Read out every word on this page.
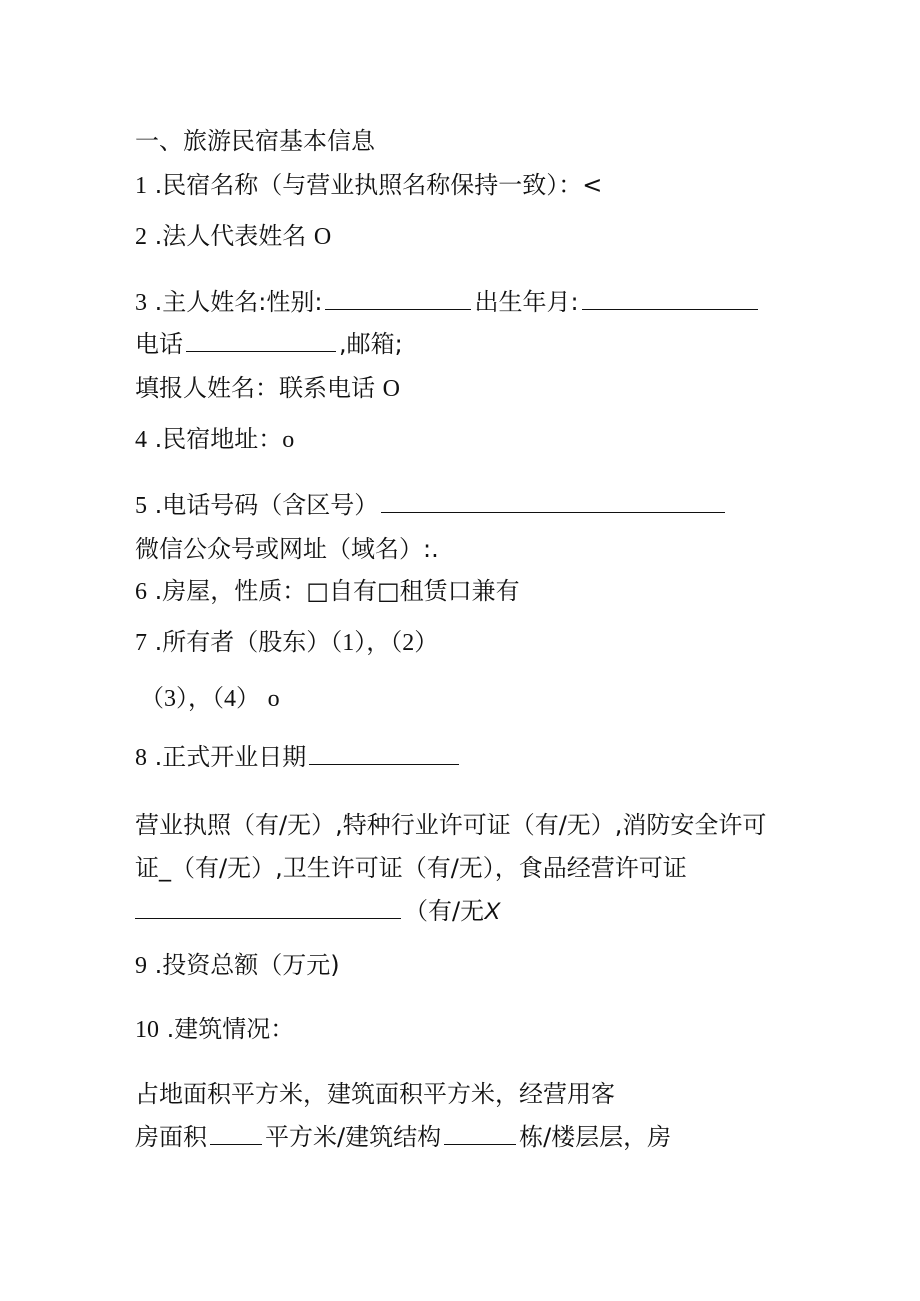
一、旅游民宿基本信息
1 .民宿名称（与营业执照名称保持一致）：<
2 .法人代表姓名 O
3 .主人姓名:性别:	出生年月:
电话	,邮箱;
填报人姓名：联系电话 O
4 .民宿地址：o
5 .电话号码（含区号）
微信公众号或网址（域名）:.
6 .房屋，性质：□自有□租赁口兼有
7 .所有者（股东）（1），（2）
（3），（4） o
8 .正式开业日期
营业执照（有/无）,特种行业许可证（有/无）,消防安全许可
证_（有/无）,卫生许可证（有/无），食品经营许可证
（有/无X
9 .投资总额（万元)
10 .建筑情况：
占地面积平方米，建筑面积平方米，经营用客
房面积 平方米/建筑结构	栋/楼层层，房
